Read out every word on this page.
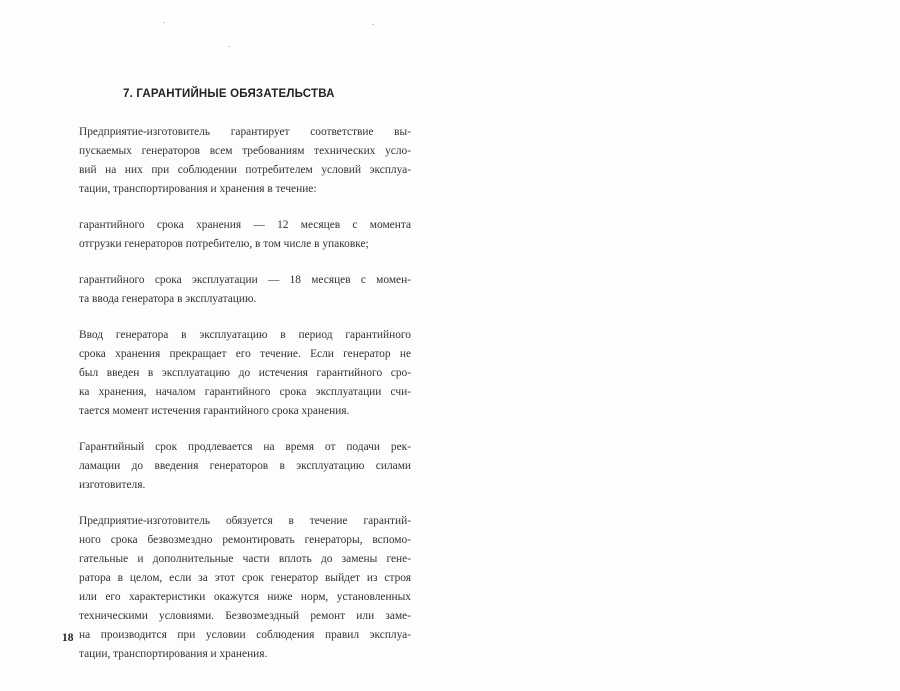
7. ГАРАНТИЙНЫЕ ОБЯЗАТЕЛЬСТВА

Предприятие-изготовитель гарантирует соответствие вы-
пускаемых генераторов всем требованиям технических усло-
вий на них при соблюдении потребителем условий эксплуа-
тации, транспортирования и хранения в течение:

гарантийного срока хранения — 12 месяцев с момента
отгрузки генераторов потребителю, в том числе в упаковке;

гарантийного срока эксплуатации — 18 месяцев с момен-
та ввода генератора в эксплуатацию.

Ввод генератора в эксплуатацию в период гарантийного
срока хранения прекращает его течение. Если генератор не
был введен в эксплуатацию до истечения гарантийного сро-
ка хранения, началом гарантийного срока эксплуатации счи-
тается момент истечения гарантийного срока хранения.

Гарантийный срок продлевается на время от подачи рек-
ламации до введения генераторов в эксплуатацию силами
изготовителя.

Предприятие-изготовитель обязуется в течение гарантий-
ного срока безвозмездно ремонтировать генераторы, вспомо-
гательные и дополнительные части вплоть до замены гене-
ратора в целом, если за этот срок генератор выйдет из строя
или его характеристики окажутся ниже норм, установленных
техническими условиями. Безвозмездный ремонт или заме-
на производится при условии соблюдения правил эксплуа-
тации, транспортирования и хранения.

18
